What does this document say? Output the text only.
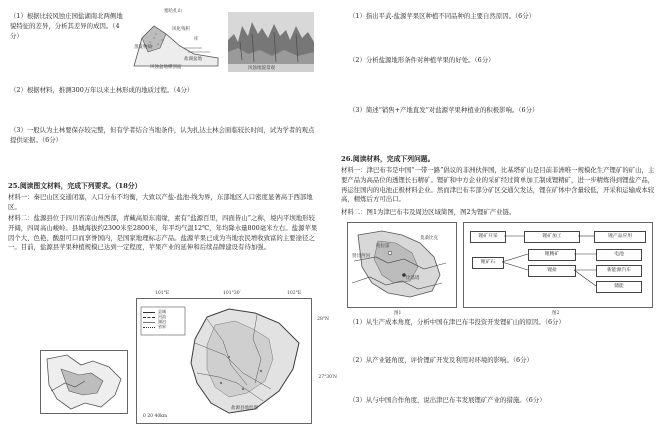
（1）根据比较风蚀庄园盐湖南北两侧地貌特征的差异，分析其差异的成因。（4分）
塞哈扎山
风化残积
库
蒸发物质
盐湖盆地
风蚀盆地横剖面	风蚀地貌景观
（2）根据材料，推测300万年以来土林形成的地质过程。（4分）
（3）一般认为土林要保存较完整，但有学者结合当地条件，认为扎达土林会面临较长时间，试为学者的观点提供证据。（6分）
25.阅读图文材料，完成下列要求。（18分）
材料一：秦巴山区交通闭塞，人口分布不均衡，大致以产盐-盐池-线为界，东部地区人口密度显著高于西部地区。
材料二：盐源县位于四川省凉山州西部，青藏高原东南缘，素有“盐源百里，四面皆山”之称，境内平坝地形较开阔，四周高山峻岭。县城海拔约2300米至2800米，年平均气温12℃，年均降水量800毫米左右。盐源苹果因个大、色艳、酸甜可口而享誉国内，是国家地理标志产品。盐源苹果已成为当地农民增收致富的主要途径之一。目前，盐源县苹果种植规模已达到一定程度，苹果产业的延伸和后续品牌建设有待加强。
101°E	101°30′	102°E
28°N
27°30′N
县城
河流
湖泊
省界
0 20 40km
盐源县地形图
（1）指出平武-盐源苹果区种植不同品种的主要自然原因。（6分）
（2）分析盐源地形条件对种植苹果的好处。（6分）
（3）简述“销售+产地直发”对盐源苹果种植业的积极影响。（6分）
26.阅读材料，完成下列问题。
材料一：津巴布韦是中国“一带一路”倡议的非洲伙伴国，比基塔矿山是目前非洲唯一规模化生产锂矿的矿山，主要产品为高品位的透锂长石精矿。锂矿和中方企业的采矿经过简单加工制成锂精矿，进一步精炼得到锂盐产品，再运往国内的电池正极材料企业。然而津巴布韦部分矿区交通欠发达，锂在矿体中含量较低，开采和运输成本较高，精炼后方可出口。
材料二：图1为津巴布韦及周边区域简图，图2为锂矿产业链。
哈拉雷
赞比西河
比基塔
莫桑比克
图1
锂矿开采	锂矿加工	锂产品应用
锂矿石
锂精矿
锂盐
电池
新能源汽车
储能
图2
（1）从生产成本角度，分析中国在津巴布韦投资开发锂矿山的原因。（6分）
（2）从产业链角度，评价锂矿开发及利用对环境的影响。（6分）
（3）从与中国合作角度，说出津巴布韦发展锂矿产业的措施。（6分）
